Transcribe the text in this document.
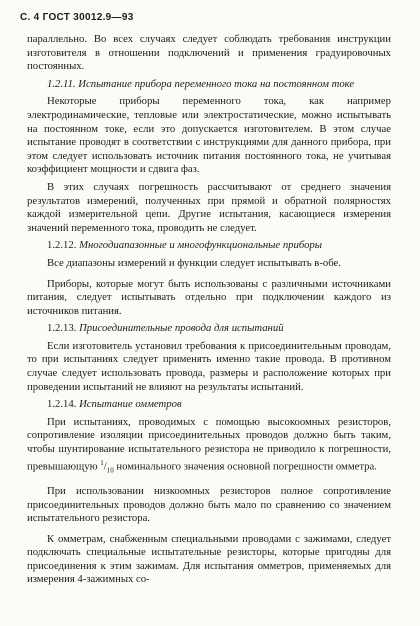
С. 4 ГОСТ 30012.9—93

параллельно. Во всех случаях следует соблюдать требования инструкции изготовителя в отношении подключений и применения градуировочных постоянных.

1.2.11. Испытание прибора переменного тока на постоянном токе

Некоторые приборы переменного тока, как например электродинамические, тепловые или электростатические, можно испытывать на постоянном токе, если это допускается изготовителем. В этом случае испытание проводят в соответствии с инструкциями для данного прибора, при этом следует использовать источник питания постоянного тока, не учитывая коэффициент мощности и сдвига фаз.

В этих случаях погрешность рассчитывают от среднего значения результатов измерений, полученных при прямой и обратной полярностях каждой измерительной цепи. Другие испытания, касающиеся измерения значений переменного тока, проводить не следует.

1.2.12. Многодиапазонные и многофункциональные приборы

Все диапазоны измерений и функции следует испытывать в-обе.

Приборы, которые могут быть использованы с различными источниками питания, следует испытывать отдельно при подключении каждого из источников питания.

1.2.13. Присоединительные провода для испытаний

Если изготовитель установил требования к присоединительным проводам, то при испытаниях следует применять именно такие провода. В противном случае следует использовать провода, размеры и расположение которых при проведении испытаний не влияют на результаты испытаний.

1.2.14. Испытание омметров

При испытаниях, проводимых с помощью высокоомных резисторов, сопротивление изоляции присоединительных проводов должно быть таким, чтобы шунтирование испытательного резистора не приводило к погрешности, превышающую $^1/_{10}$ номинального значения основной погрешности омметра.

При использовании низкоомных резисторов полное сопротивление присоединительных проводов должно быть мало по сравнению со значением испытательного резистора.

К омметрам, снабженным специальными проводами с зажимами, следует подключать специальные испытательные резисторы, которые пригодны для присоединения к этим зажимам. Для испытания омметров, применяемых для измерения 4-зажимных со-
